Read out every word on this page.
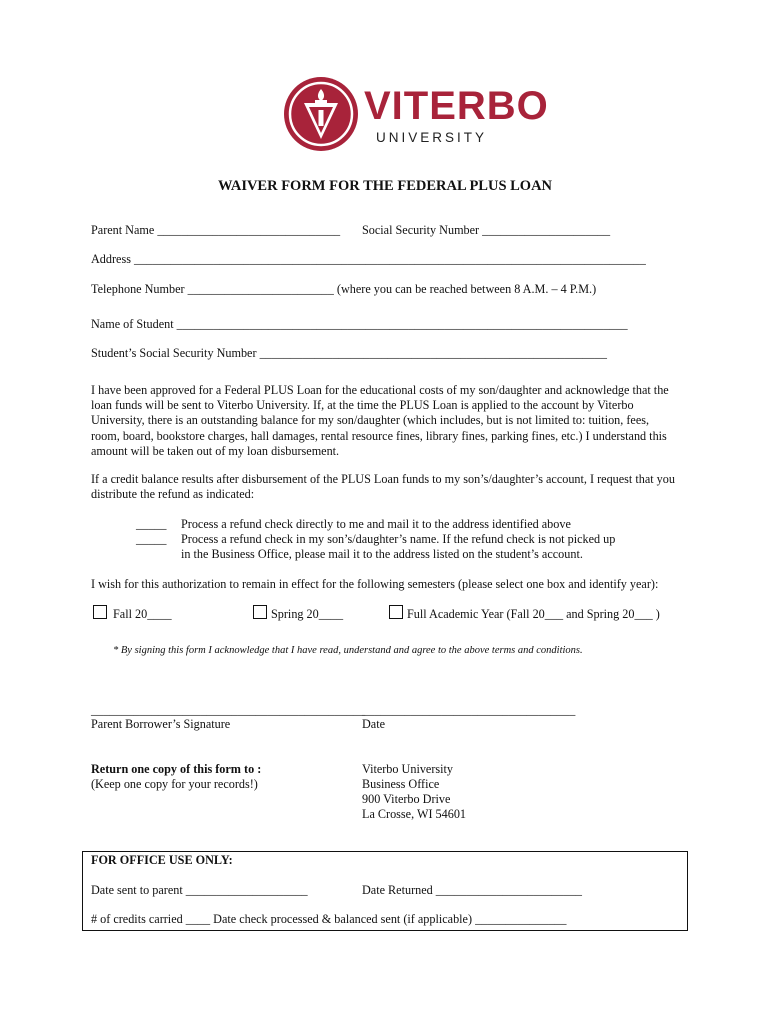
VITERBO
UNIVERSITY
WAIVER FORM FOR THE FEDERAL PLUS LOAN
Parent Name ______________________________ Social Security Number _____________________
Address ____________________________________________________________________________________
Telephone Number ________________________ (where you can be reached between 8 A.M. – 4 P.M.)
Name of Student __________________________________________________________________________
Student’s Social Security Number _________________________________________________________
I have been approved for a Federal PLUS Loan for the educational costs of my son/daughter and acknowledge that the loan funds will be sent to Viterbo University. If, at the time the PLUS Loan is applied to the account by Viterbo University, there is an outstanding balance for my son/daughter (which includes, but is not limited to: tuition, fees, room, board, bookstore charges, hall damages, rental resource fines, library fines, parking fines, etc.) I understand this amount will be taken out of my loan disbursement.
If a credit balance results after disbursement of the PLUS Loan funds to my son’s/daughter’s account, I request that you distribute the refund as indicated:
_____ Process a refund check directly to me and mail it to the address identified above
_____ Process a refund check in my son’s/daughter’s name. If the refund check is not picked up
in the Business Office, please mail it to the address listed on the student’s account.
I wish for this authorization to remain in effect for the following semesters (please select one box and identify year):
Fall 20____	Spring 20____	Full Academic Year (Fall 20___ and Spring 20___ )
* By signing this form I acknowledge that I have read, understand and agree to the above terms and conditions.
_____________________________________________
___________________________________
Parent Borrower’s Signature	Date
Return one copy of this form to :
(Keep one copy for your records!)
Viterbo University
Business Office
900 Viterbo Drive
La Crosse, WI 54601
FOR OFFICE USE ONLY:
Date sent to parent ____________________	Date Returned ________________________
# of credits carried ____ Date check processed & balanced sent (if applicable) _______________
